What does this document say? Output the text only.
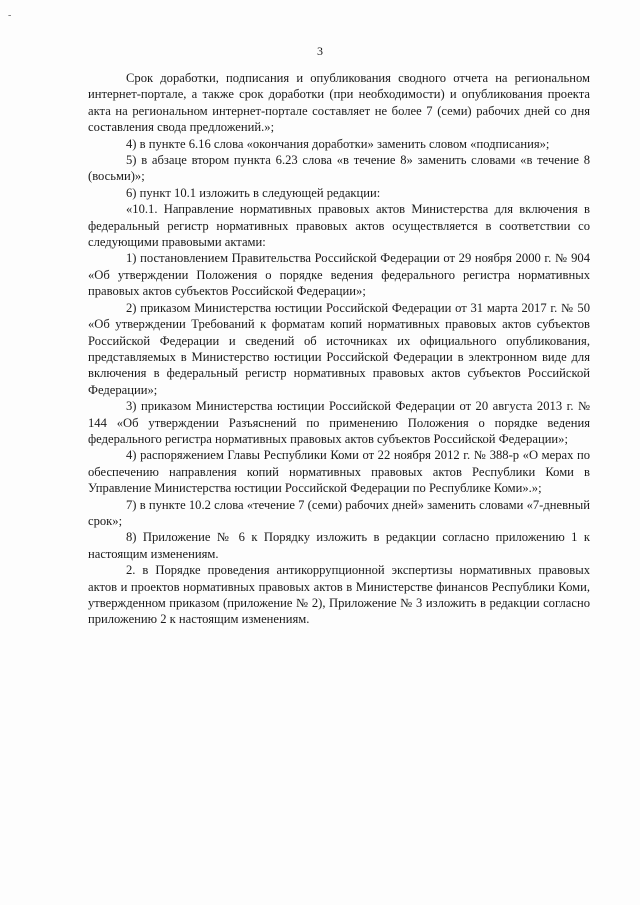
-
3

Срок доработки, подписания и опубликования сводного отчета на региональном интернет-портале, а также срок доработки (при необходимости) и опубликования проекта акта на региональном интернет-портале составляет не более 7 (семи) рабочих дней со дня составления свода предложений.»;

4) в пункте 6.16 слова «окончания доработки» заменить словом «подписания»;

5) в абзаце втором пункта 6.23 слова «в течение 8» заменить словами «в течение 8 (восьми)»;

6) пункт 10.1 изложить в следующей редакции:

«10.1. Направление нормативных правовых актов Министерства для включения в федеральный регистр нормативных правовых актов осуществляется в соответствии со следующими правовыми актами:

1) постановлением Правительства Российской Федерации от 29 ноября 2000 г. № 904 «Об утверждении Положения о порядке ведения федерального регистра нормативных правовых актов субъектов Российской Федерации»;

2) приказом Министерства юстиции Российской Федерации от 31 марта 2017 г. № 50 «Об утверждении Требований к форматам копий нормативных правовых актов субъектов Российской Федерации и сведений об источниках их официального опубликования, представляемых в Министерство юстиции Российской Федерации в электронном виде для включения в федеральный регистр нормативных правовых актов субъектов Российской Федерации»;

3) приказом Министерства юстиции Российской Федерации от 20 августа 2013 г. № 144 «Об утверждении Разъяснений по применению Положения о порядке ведения федерального регистра нормативных правовых актов субъектов Российской Федерации»;

4) распоряжением Главы Республики Коми от 22 ноября 2012 г. № 388-р «О мерах по обеспечению направления копий нормативных правовых актов Республики Коми в Управление Министерства юстиции Российской Федерации по Республике Коми».»;

7) в пункте 10.2 слова «течение 7 (семи) рабочих дней» заменить словами «7-дневный срок»;

8) Приложение № 6 к Порядку изложить в редакции согласно приложению 1 к настоящим изменениям.

2. в Порядке проведения антикоррупционной экспертизы нормативных правовых актов и проектов нормативных правовых актов в Министерстве финансов Республики Коми, утвержденном приказом (приложение № 2), Приложение № 3 изложить в редакции согласно приложению 2 к настоящим изменениям.
